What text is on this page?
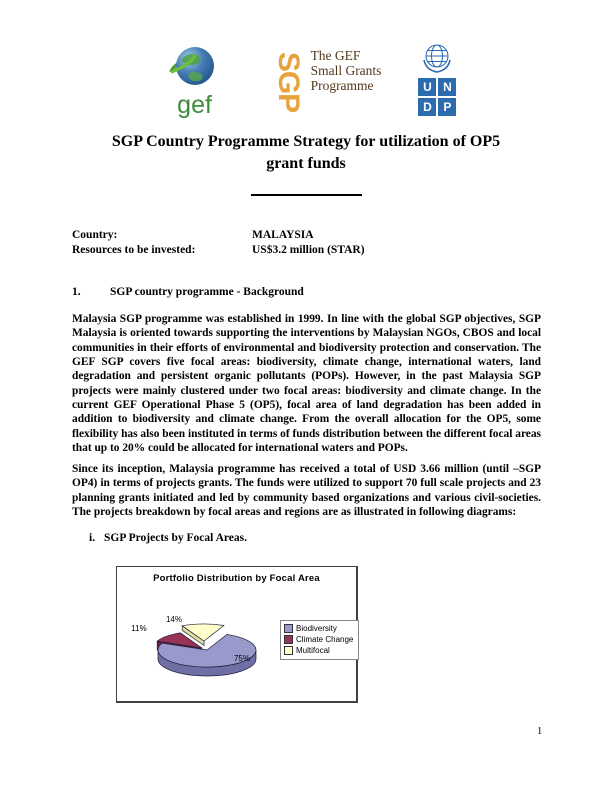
gef	SGP The GEF
Small Grants
Programme	U N
D P
SGP Country Programme Strategy for utilization of OP5
grant funds
Country:	MALAYSIA
Resources to be invested:	US$3.2 million (STAR)
1.	SGP country programme - Background
Malaysia SGP programme was established in 1999. In line with the global SGP objectives, SGP Malaysia is oriented towards supporting the interventions by Malaysian NGOs, CBOS and local communities in their efforts of environmental and biodiversity protection and conservation. The GEF SGP covers five focal areas: biodiversity, climate change, international waters, land degradation and persistent organic pollutants (POPs). However, in the past Malaysia SGP projects were mainly clustered under two focal areas: biodiversity and climate change. In the current GEF Operational Phase 5 (OP5), focal area of land degradation has been added in addition to biodiversity and climate change. From the overall allocation for the OP5, some flexibility has also been instituted in terms of funds distribution between the different focal areas that up to 20% could be allocated for international waters and POPs.
Since its inception, Malaysia programme has received a total of USD 3.66 million (until –SGP OP4) in terms of projects grants. The funds were utilized to support 70 full scale projects and 23 planning grants initiated and led by community based organizations and various civil-societies. The projects breakdown by focal areas and regions are as illustrated in following diagrams:
i. SGP Projects by Focal Areas.
Portfolio Distribution by Focal Area
14%
11%
75%
Biodiversity
Climate Change
Multifocal
1
